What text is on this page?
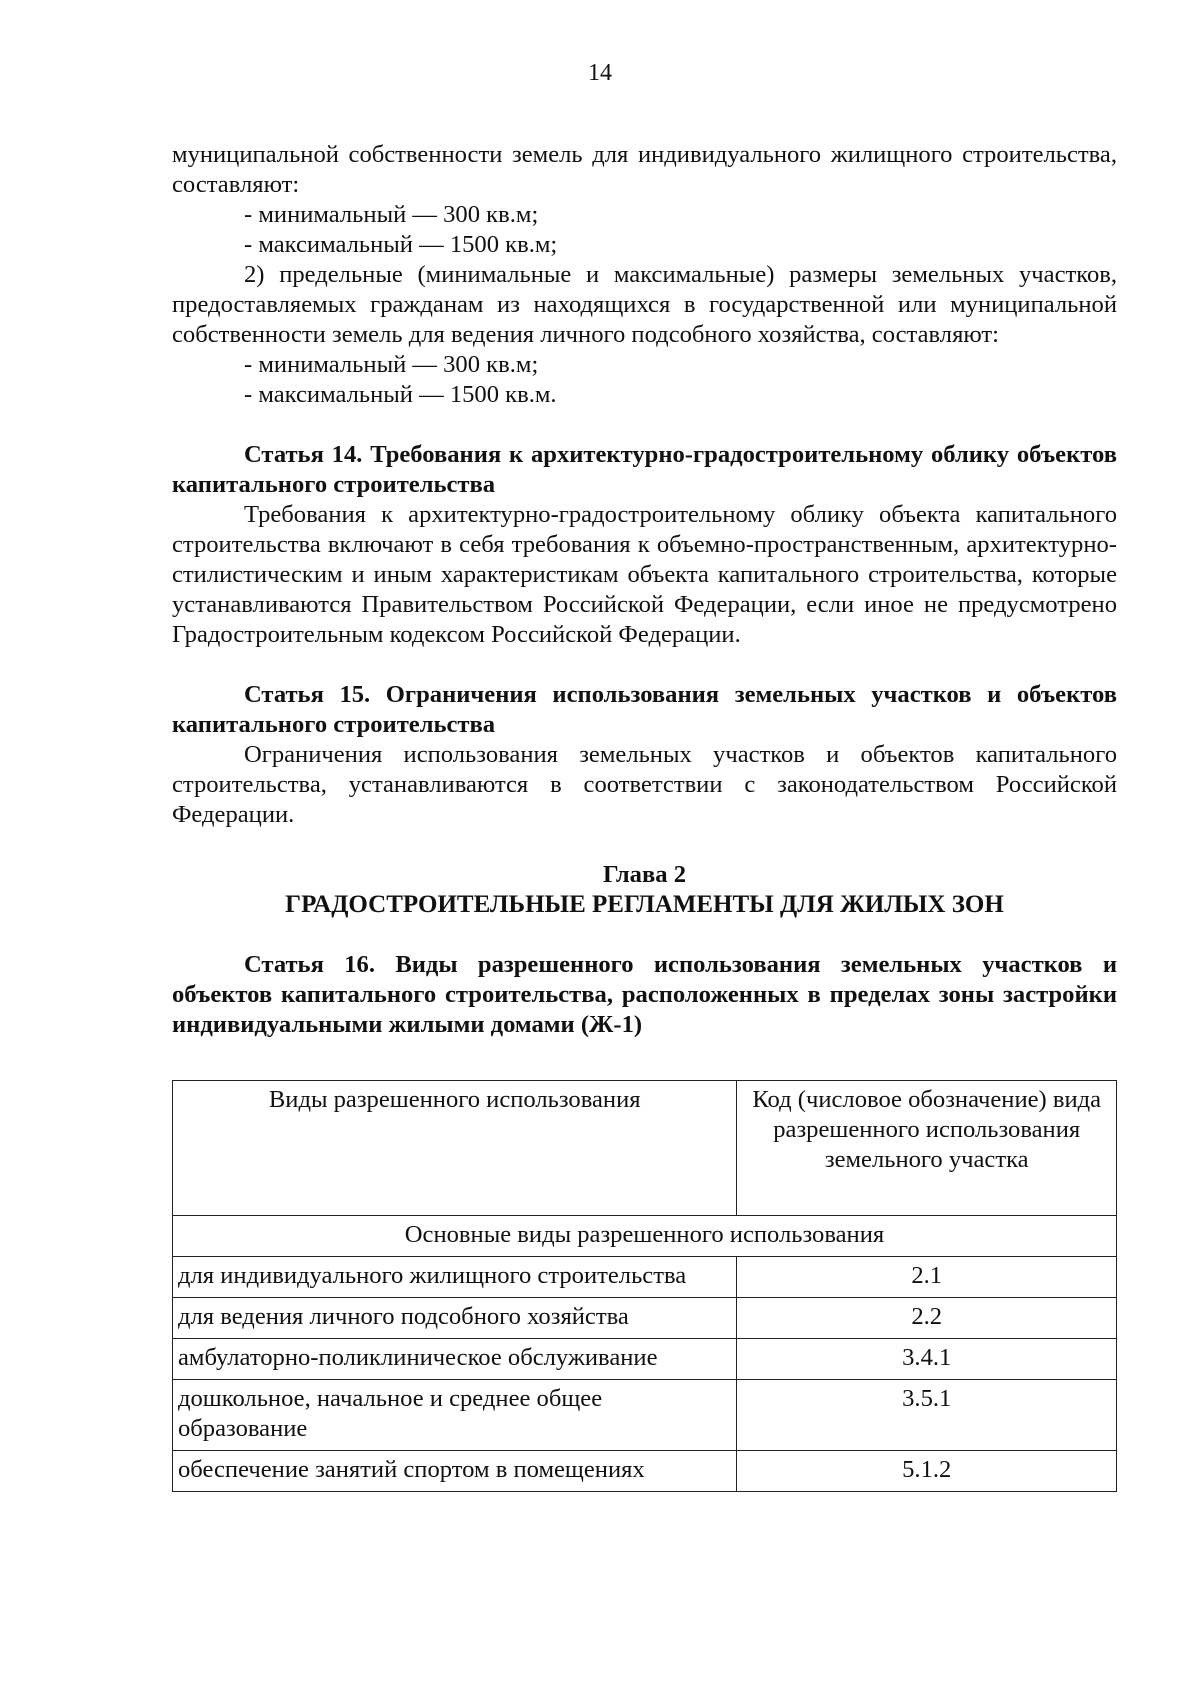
14

муниципальной собственности земель для индивидуального жилищного строительства, составляют:

- минимальный — 300 кв.м;

- максимальный — 1500 кв.м;

2) предельные (минимальные и максимальные) размеры земельных участков, предоставляемых гражданам из находящихся в государственной или муниципальной собственности земель для ведения личного подсобного хозяйства, составляют:

- минимальный — 300 кв.м;

- максимальный — 1500 кв.м.

Статья 14. Требования к архитектурно-градостроительному облику объектов капитального строительства

Требования к архитектурно-градостроительному облику объекта капитального строительства включают в себя требования к объемно-пространственным, архитектурно-стилистическим и иным характеристикам объекта капитального строительства, которые устанавливаются Правительством Российской Федерации, если иное не предусмотрено Градостроительным кодексом Российской Федерации.

Статья 15. Ограничения использования земельных участков и объектов капитального строительства

Ограничения использования земельных участков и объектов капитального строительства, устанавливаются в соответствии с законодательством Российской Федерации.

Глава 2

ГРАДОСТРОИТЕЛЬНЫЕ РЕГЛАМЕНТЫ ДЛЯ ЖИЛЫХ ЗОН

Статья 16. Виды разрешенного использования земельных участков и объектов капитального строительства, расположенных в пределах зоны застройки индивидуальными жилыми домами (Ж-1)

Виды разрешенного использования	Код (числовое обозначение) вида разрешенного использования земельного участка
Основные виды разрешенного использования	
для индивидуального жилищного строительства	2.1
для ведения личного подсобного хозяйства	2.2
амбулаторно-поликлиническое обслуживание	3.4.1
дошкольное, начальное и среднее общее образование	3.5.1
обеспечение занятий спортом в помещениях	5.1.2
